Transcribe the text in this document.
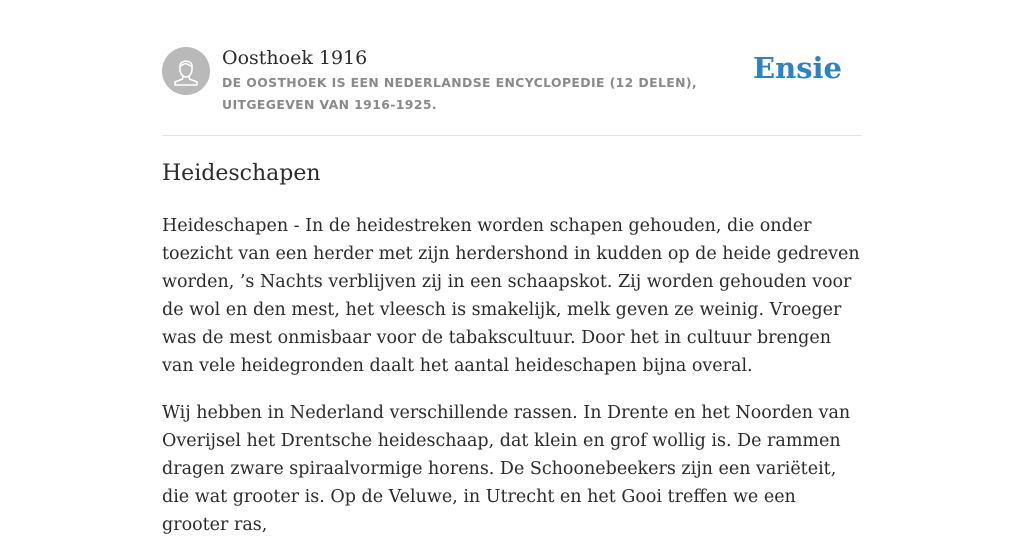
Oosthoek 1916
DE OOSTHOEK IS EEN NEDERLANDSE ENCYCLOPEDIE (12 DELEN), UITGEGEVEN VAN 1916-1925.
Ensie
Heideschapen

Heideschapen - In de heidestreken worden schapen gehouden, die onder toezicht van een herder met zijn herdershond in kudden op de heide gedreven worden, ’s Nachts verblijven zij in een schaapskot. Zij worden gehouden voor de wol en den mest, het vleesch is smakelijk, melk geven ze weinig. Vroeger was de mest onmisbaar voor de tabakscultuur. Door het in cultuur brengen van vele heidegronden daalt het aantal heideschapen bijna overal.

Wij hebben in Nederland verschillende rassen. In Drente en het Noorden van Overijsel het Drentsche heideschaap, dat klein en grof wollig is. De rammen dragen zware spiraalvormige horens. De Schoonebeekers zijn een variëteit, die wat grooter is. Op de Veluwe, in Utrecht en het Gooi treffen we een grooter ras,
